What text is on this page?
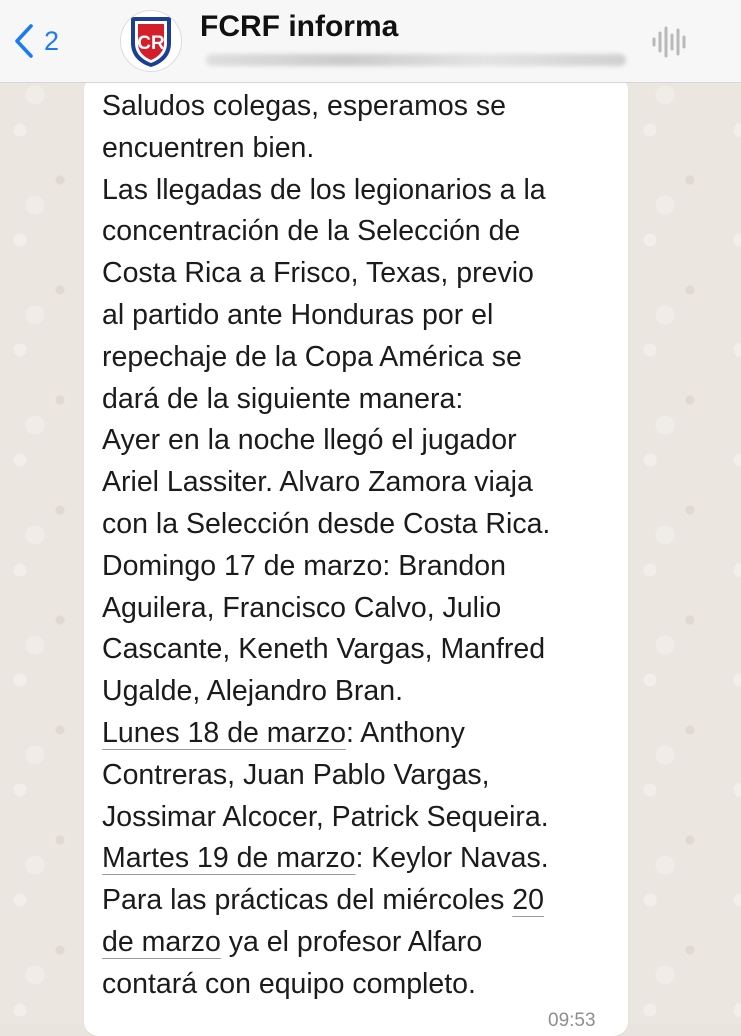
2	CR
FCRF informa
Saludos colegas, esperamos se
encuentren bien.
Las llegadas de los legionarios a la
concentración de la Selección de
Costa Rica a Frisco, Texas, previo
al partido ante Honduras por el
repechaje de la Copa América se
dará de la siguiente manera:
Ayer en la noche llegó el jugador
Ariel Lassiter. Alvaro Zamora viaja
con la Selección desde Costa Rica.
Domingo 17 de marzo: Brandon
Aguilera, Francisco Calvo, Julio
Cascante, Keneth Vargas, Manfred
Ugalde, Alejandro Bran.
Lunes 18 de marzo: Anthony
Contreras, Juan Pablo Vargas,
Jossimar Alcocer, Patrick Sequeira.
Martes 19 de marzo: Keylor Navas.
Para las prácticas del miércoles 20
de marzo ya el profesor Alfaro
contará con equipo completo.
09:53
